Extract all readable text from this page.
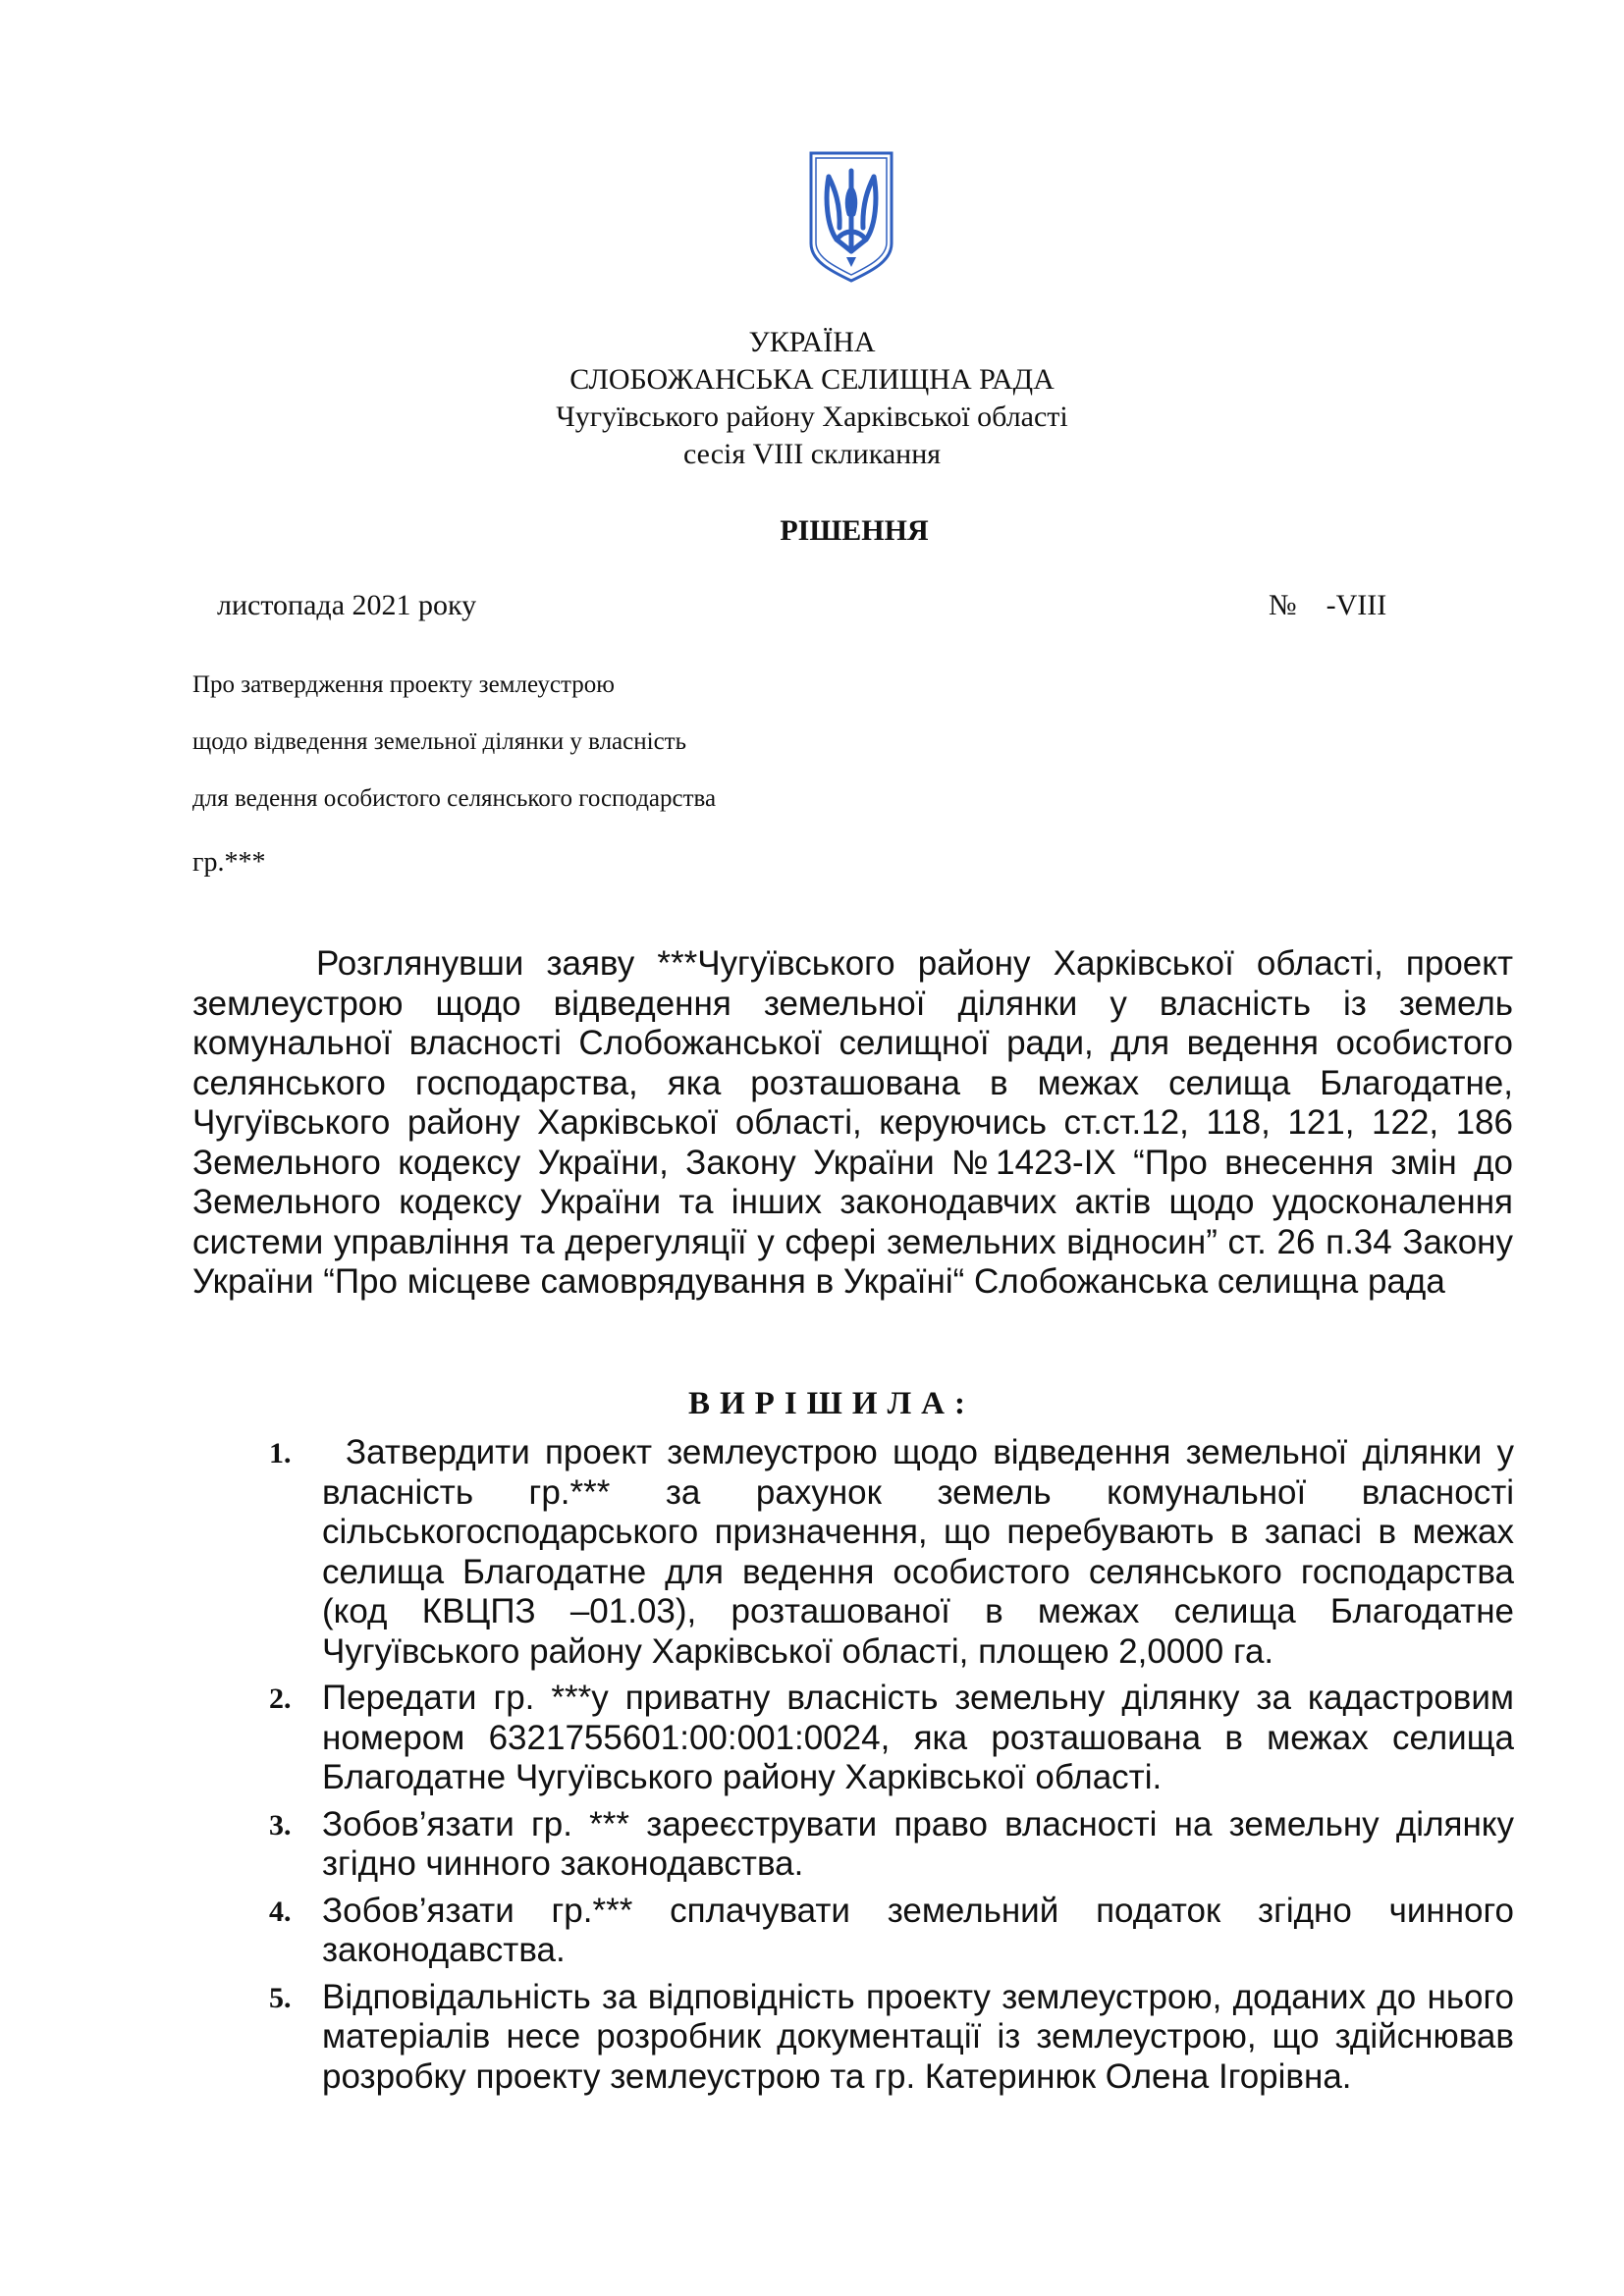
УКРАЇНА
СЛОБОЖАНСЬКА СЕЛИЩНА РАДА
Чугуївського району Харківської області
сесія VIII скликання
РІШЕННЯ
листопада 2021 року	№    -VIII
Про затвердження проекту землеустрою
щодо відведення земельної ділянки у власність
для ведення особистого селянського господарства
гр.***
Розглянувши заяву ***Чугуївського району Харківської області, проект землеустрою щодо відведення земельної ділянки у власність із земель комунальної власності Слобожанської селищної ради, для ведення особистого селянського господарства, яка розташована в межах селища Благодатне, Чугуївського району Харківської області, керуючись ст.ст.12, 118, 121, 122, 186 Земельного кодексу України, Закону України №1423-ІХ “Про внесення змін до Земельного кодексу України та інших законодавчих актів щодо удосконалення системи управління та дерегуляції у сфері земельних відносин” ст. 26 п.34 Закону України “Про місцеве самоврядування в Україні“ Слобожанська селищна рада
ВИРІШИЛА:
1.	Затвердити проект землеустрою щодо відведення земельної ділянки у власність гр.*** за рахунок земель комунальної власності сільськогосподарського призначення, що перебувають в запасі в межах селища Благодатне для ведення особистого селянського господарства (код КВЦПЗ –01.03), розташованої в межах селища Благодатне Чугуївського району Харківської області, площею 2,0000 га.
2. Передати гр. ***у приватну власність земельну ділянку за кадастровим номером 6321755601:00:001:0024, яка розташована в межах селища Благодатне Чугуївського району Харківської області.
3. Зобов’язати гр. *** зареєструвати право власності на земельну ділянку згідно чинного законодавства.
4. Зобов’язати гр.*** сплачувати земельний податок згідно чинного законодавства.
5. Відповідальність за відповідність проекту землеустрою, доданих до нього матеріалів несе розробник документації із землеустрою, що здійснював розробку проекту землеустрою та гр. Катеринюк Олена Ігорівна.
